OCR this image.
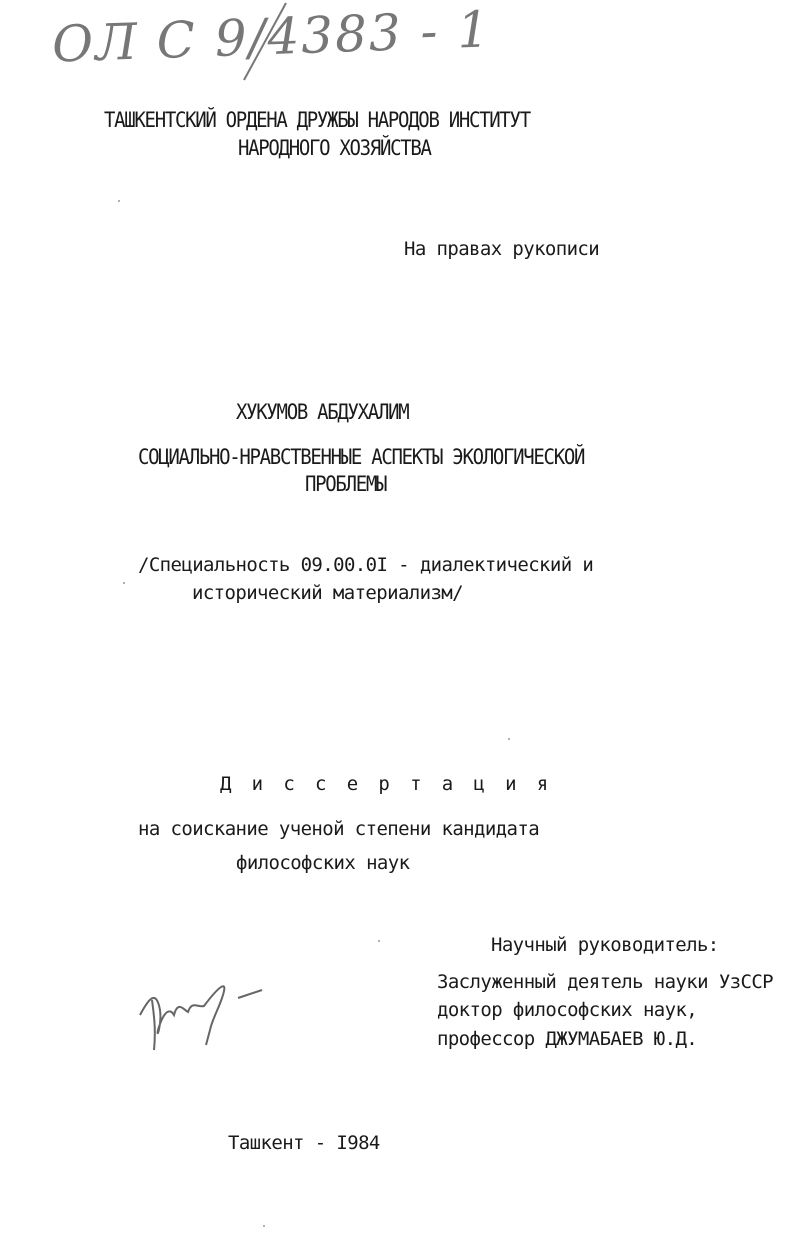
ОЛ С 9/4383 - 1
ТАШКЕНТСКИЙ ОРДЕНА ДРУЖБЫ НАРОДОВ ИНСТИТУТ
НАРОДНОГО ХОЗЯЙСТВА
На правах рукописи
ХУКУМОВ АБДУХАЛИМ
СОЦИАЛЬНО-НРАВСТВЕННЫЕ АСПЕКТЫ ЭКОЛОГИЧЕСКОЙ
ПРОБЛЕМЫ
/Специальность 09.00.0I - диалектический и
исторический материализм/
Д и с с е р т а ц и я
на соискание ученой степени кандидата
философских наук
Научный руководитель:
Заслуженный деятель науки УзССР
доктор философских наук,
профессор ДЖУМАБАЕВ Ю.Д.
Ташкент - I984
